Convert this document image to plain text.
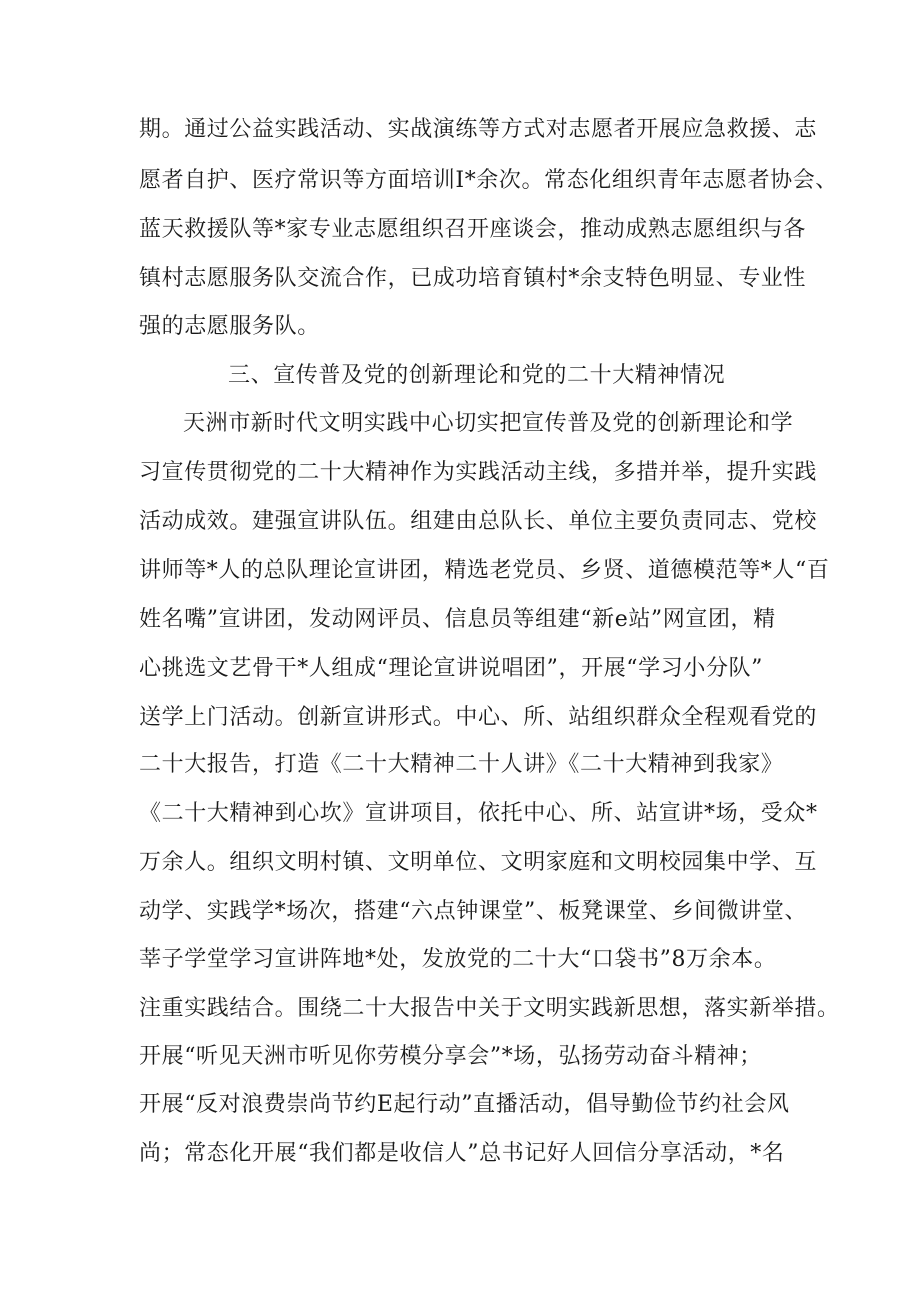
期。通过公益实践活动、实战演练等方式对志愿者开展应急救援、志
愿者自护、医疗常识等方面培训I*余次。常态化组织青年志愿者协会、
蓝天救援队等*家专业志愿组织召开座谈会，推动成熟志愿组织与各
镇村志愿服务队交流合作，已成功培育镇村*余支特色明显、专业性
强的志愿服务队。
三、宣传普及党的创新理论和党的二十大精神情况
天洲市新时代文明实践中心切实把宣传普及党的创新理论和学
习宣传贯彻党的二十大精神作为实践活动主线，多措并举，提升实践
活动成效。建强宣讲队伍。组建由总队长、单位主要负责同志、党校
讲师等*人的总队理论宣讲团，精选老党员、乡贤、道德模范等*人“百
姓名嘴”宣讲团，发动网评员、信息员等组建“新e站”网宣团，精
心挑选文艺骨干*人组成“理论宣讲说唱团”，开展“学习小分队”
送学上门活动。创新宣讲形式。中心、所、站组织群众全程观看党的
二十大报告，打造《二十大精神二十人讲》《二十大精神到我家》
《二十大精神到心坎》宣讲项目，依托中心、所、站宣讲*场，受众*
万余人。组织文明村镇、文明单位、文明家庭和文明校园集中学、互
动学、实践学*场次，搭建“六点钟课堂”、板凳课堂、乡间微讲堂、
莘子学堂学习宣讲阵地*处，发放党的二十大“口袋书”8万余本。
注重实践结合。围绕二十大报告中关于文明实践新思想，落实新举措。
开展“听见天洲市听见你劳模分享会”*场，弘扬劳动奋斗精神；
开展“反对浪费崇尚节约E起行动”直播活动，倡导勤俭节约社会风
尚；常态化开展“我们都是收信人”总书记好人回信分享活动，*名
